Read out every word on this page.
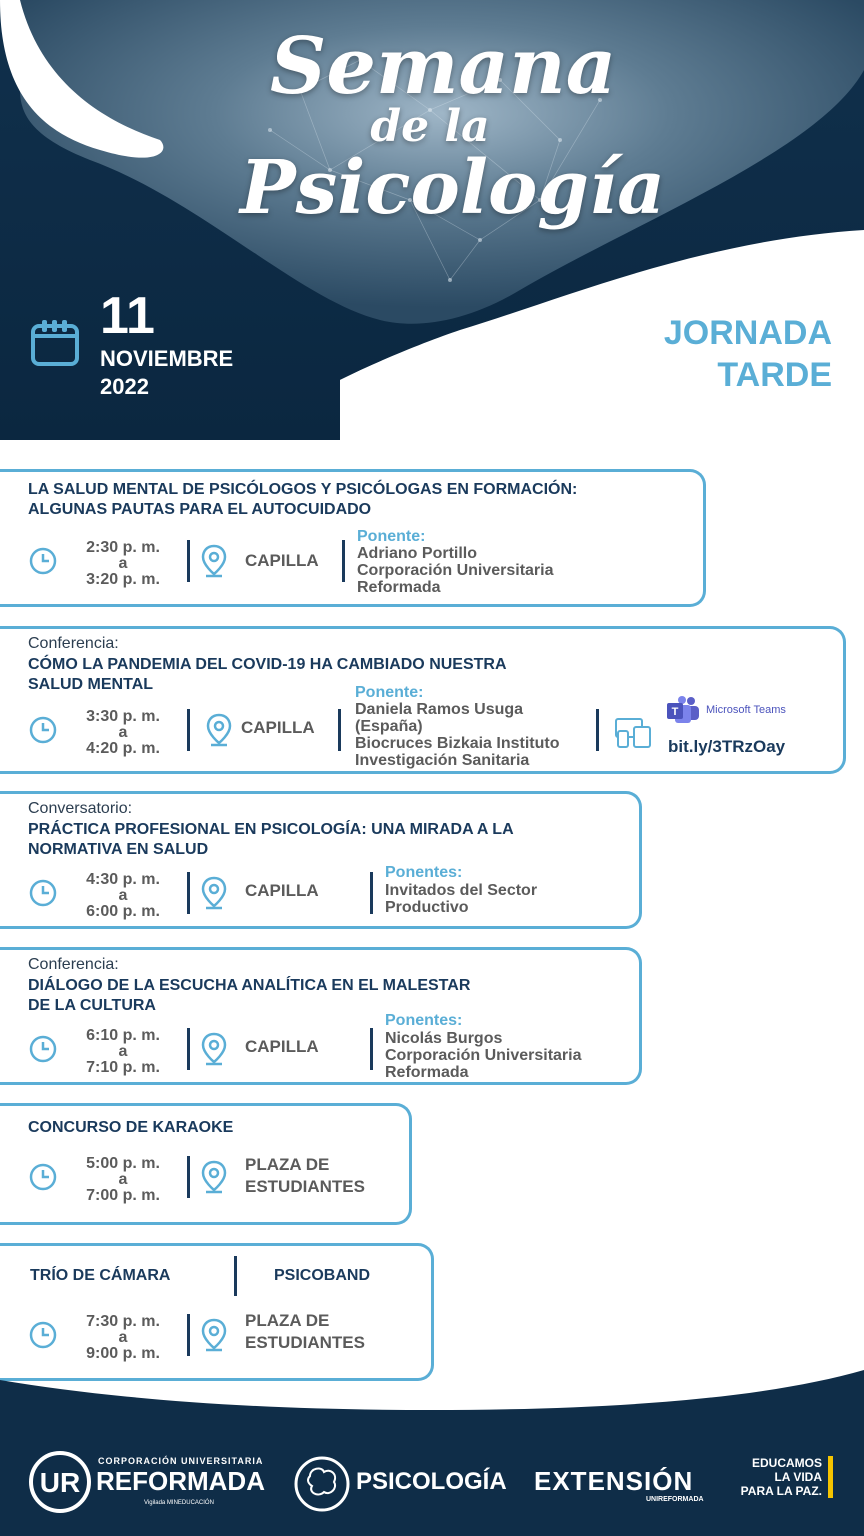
Semana
de la
Psicología
11
NOVIEMBRE
2022
JORNADA
TARDE
LA SALUD MENTAL DE PSICÓLOGOS Y PSICÓLOGAS EN FORMACIÓN:
ALGUNAS PAUTAS PARA EL AUTOCUIDADO
2:30 p. m.
a
3:20 p. m.
CAPILLA
Ponente:
Adriano Portillo
Corporación Universitaria
Reformada
Conferencia:
CÓMO LA PANDEMIA DEL COVID-19 HA CAMBIADO NUESTRA
SALUD MENTAL
3:30 p. m.
a
4:20 p. m.
CAPILLA
Ponente:
Daniela Ramos Usuga
(España)
Biocruces Bizkaia Instituto
Investigación Sanitaria
T	Microsoft Teams
bit.ly/3TRzOay
Conversatorio:
PRÁCTICA PROFESIONAL EN PSICOLOGÍA: UNA MIRADA A LA
NORMATIVA EN SALUD
4:30 p. m.
a
6:00 p. m.
CAPILLA
Ponentes:
Invitados del Sector
Productivo
Conferencia:
DIÁLOGO DE LA ESCUCHA ANALÍTICA EN EL MALESTAR
DE LA CULTURA
6:10 p. m.
a
7:10 p. m.
CAPILLA
Ponentes:
Nicolás Burgos
Corporación Universitaria
Reformada
CONCURSO DE KARAOKE
5:00 p. m.
a
7:00 p. m.
PLAZA DE
ESTUDIANTES
TRÍO DE CÁMARA	PSICOBAND
7:30 p. m.
a
9:00 p. m.
PLAZA DE
ESTUDIANTES
UR
CORPORACIÓN UNIVERSITARIA
REFORMADA
Vigilada MINEDUCACIÓN
PSICOLOGÍA EXTENSIÓN
UNIREFORMADA
EDUCAMOS
LA VIDA
PARA LA PAZ.
